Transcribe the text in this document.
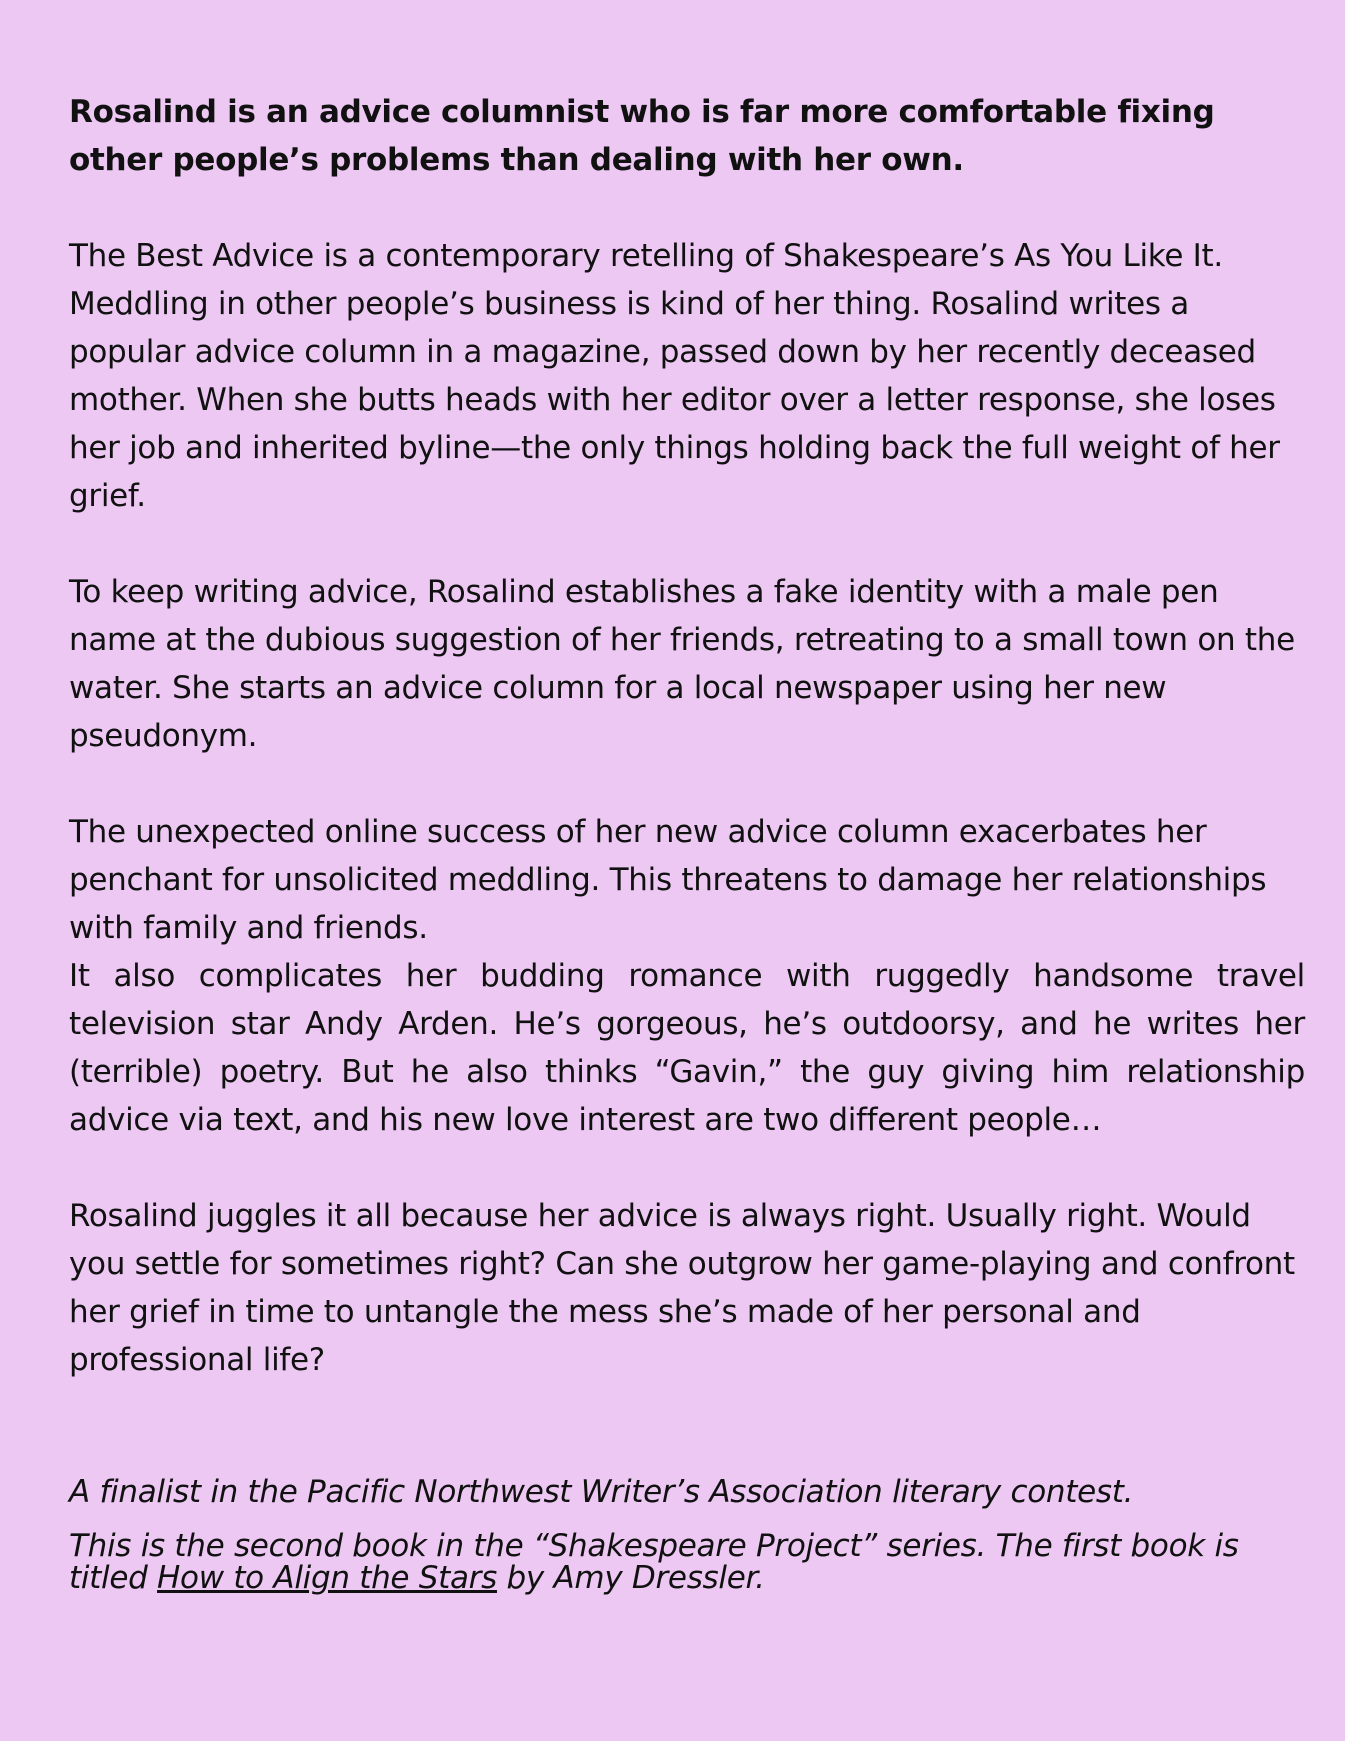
Rosalind is an advice columnist who is far more comfortable fixing other people’s problems than dealing with her own.

The Best Advice is a contemporary retelling of Shakespeare’s As You Like It. Meddling in other people’s business is kind of her thing. Rosalind writes a popular advice column in a magazine, passed down by her recently deceased mother. When she butts heads with her editor over a letter response, she loses her job and inherited byline—the only things holding back the full weight of her grief.

To keep writing advice, Rosalind establishes a fake identity with a male pen name at the dubious suggestion of her friends, retreating to a small town on the water. She starts an advice column for a local newspaper using her new pseudonym.

The unexpected online success of her new advice column exacerbates her penchant for unsolicited meddling. This threatens to damage her relationships with family and friends.

It also complicates her budding romance with ruggedly handsome travel television star Andy Arden. He’s gorgeous, he’s outdoorsy, and he writes her (terrible) poetry. But he also thinks “Gavin,” the guy giving him relationship advice via text, and his new love interest are two different people…

Rosalind juggles it all because her advice is always right. Usually right. Would you settle for sometimes right? Can she outgrow her game-playing and confront her grief in time to untangle the mess she’s made of her personal and professional life?

A finalist in the Pacific Northwest Writer’s Association literary contest.

This is the second book in the “Shakespeare Project” series. The first book is titled How to Align the Stars by Amy Dressler.
